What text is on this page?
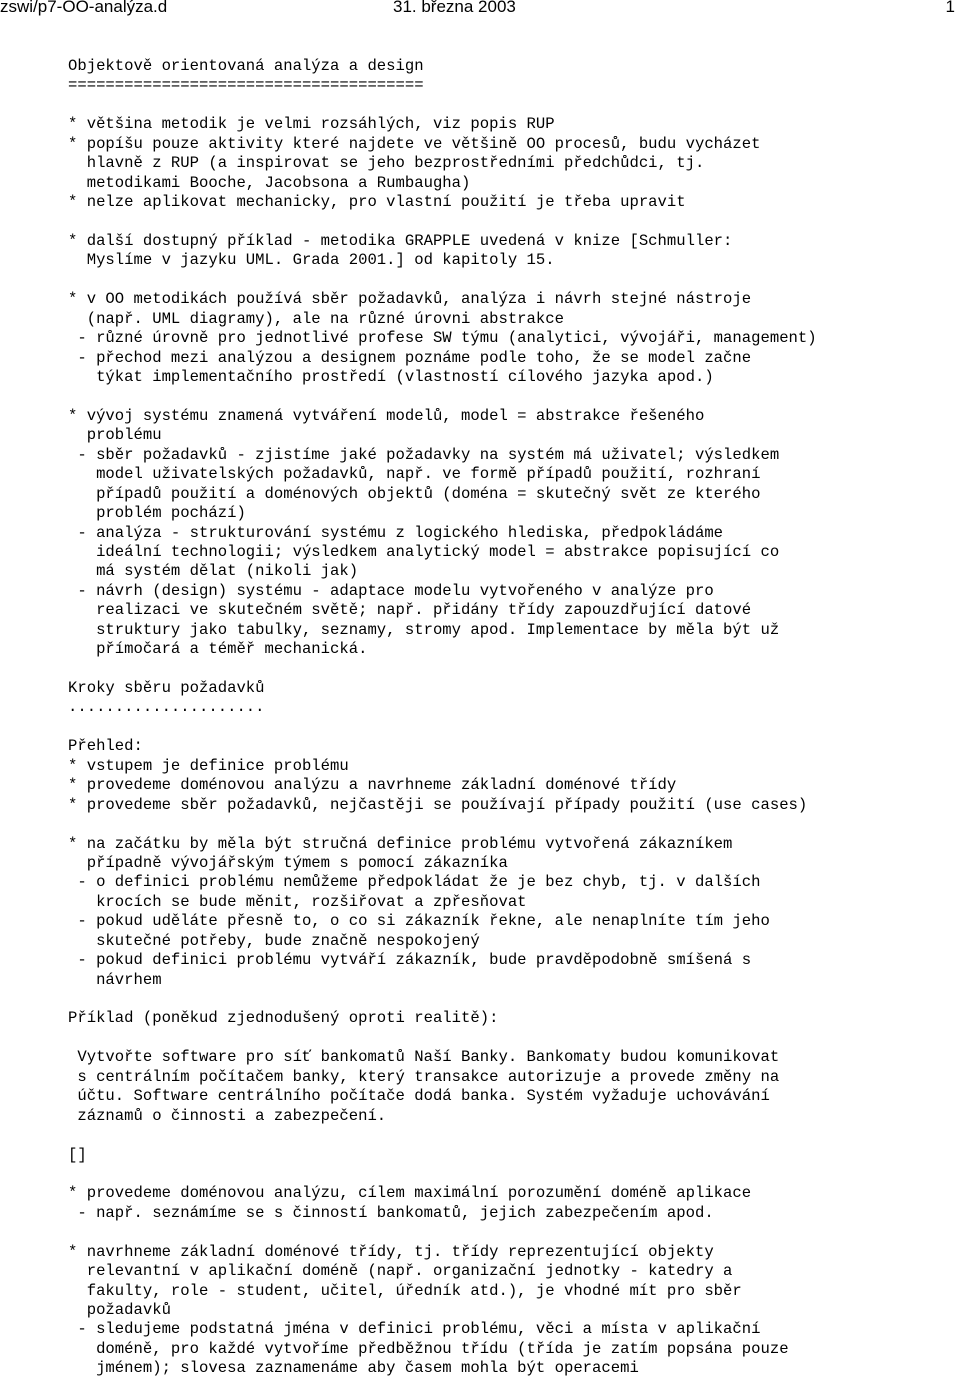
zswi/p7-OO-analýza.d	31. března 2003	1
Objektově orientovaná analýza a design
======================================
* většina metodik je velmi rozsáhlých, viz popis RUP
* popíšu pouze aktivity které najdete ve většině OO procesů, budu vycházet
hlavně z RUP (a inspirovat se jeho bezprostředními předchůdci, tj.
metodikami Booche, Jacobsona a Rumbaugha)
* nelze aplikovat mechanicky, pro vlastní použití je třeba upravit
* další dostupný příklad - metodika GRAPPLE uvedená v knize [Schmuller:
Myslíme v jazyku UML. Grada 2001.] od kapitoly 15.
* v OO metodikách používá sběr požadavků, analýza i návrh stejné nástroje
(např. UML diagramy), ale na různé úrovni abstrakce
- různé úrovně pro jednotlivé profese SW týmu (analytici, vývojáři, management)
- přechod mezi analýzou a designem poznáme podle toho, že se model začne
týkat implementačního prostředí (vlastností cílového jazyka apod.)
* vývoj systému znamená vytváření modelů, model = abstrakce řešeného
problému
- sběr požadavků - zjistíme jaké požadavky na systém má uživatel; výsledkem
model uživatelských požadavků, např. ve formě případů použití, rozhraní
případů použití a doménových objektů (doména = skutečný svět ze kterého
problém pochází)
- analýza - strukturování systému z logického hlediska, předpokládáme
ideální technologii; výsledkem analytický model = abstrakce popisující co
má systém dělat (nikoli jak)
- návrh (design) systému - adaptace modelu vytvořeného v analýze pro
realizaci ve skutečném světě; např. přidány třídy zapouzdřující datové
struktury jako tabulky, seznamy, stromy apod. Implementace by měla být už
přímočará a téměř mechanická.
Kroky sběru požadavků
.....................
Přehled:
* vstupem je definice problému
* provedeme doménovou analýzu a navrhneme základní doménové třídy
* provedeme sběr požadavků, nejčastěji se používají případy použití (use cases)
* na začátku by měla být stručná definice problému vytvořená zákazníkem
případně vývojářským týmem s pomocí zákazníka
- o definici problému nemůžeme předpokládat že je bez chyb, tj. v dalších
krocích se bude měnit, rozšiřovat a zpřesňovat
- pokud uděláte přesně to, o co si zákazník řekne, ale nenaplníte tím jeho
skutečné potřeby, bude značně nespokojený
- pokud definici problému vytváří zákazník, bude pravděpodobně smíšená s
návrhem
Příklad (poněkud zjednodušený oproti realitě):
Vytvořte software pro síť bankomatů Naší Banky. Bankomaty budou komunikovat
s centrálním počítačem banky, který transakce autorizuje a provede změny na
účtu. Software centrálního počítače dodá banka. Systém vyžaduje uchovávání
záznamů o činnosti a zabezpečení.
[]
* provedeme doménovou analýzu, cílem maximální porozumění doméně aplikace
- např. seznámíme se s činností bankomatů, jejich zabezpečením apod.
* navrhneme základní doménové třídy, tj. třídy reprezentující objekty
relevantní v aplikační doméně (např. organizační jednotky - katedry a
fakulty, role - student, učitel, úředník atd.), je vhodné mít pro sběr
požadavků
- sledujeme podstatná jména v definici problému, věci a místa v aplikační
doméně, pro každé vytvoříme předběžnou třídu (třída je zatím popsána pouze
jménem); slovesa zaznamenáme aby časem mohla být operacemi
